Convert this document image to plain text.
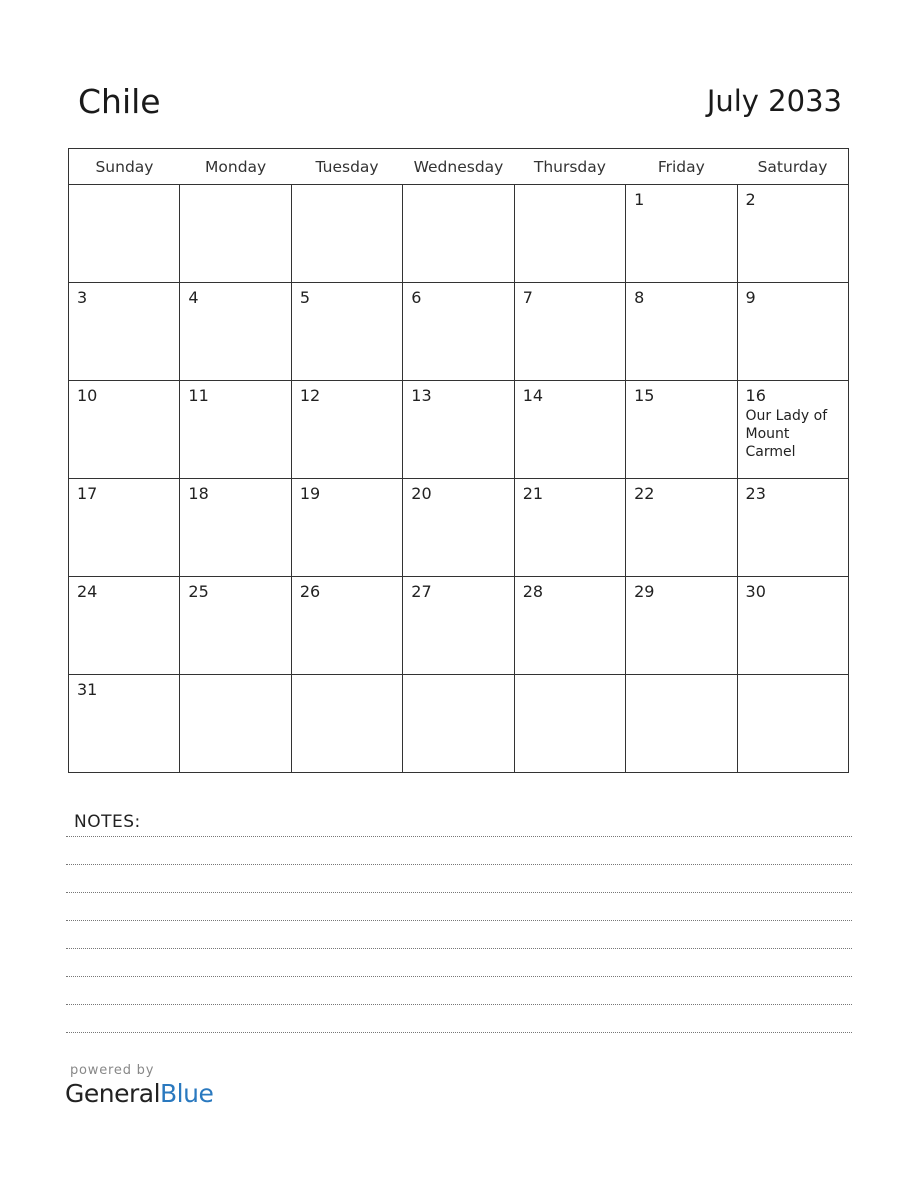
Chile	July 2033
Sunday	Monday	Tuesday	Wednesday	Thursday	Friday	Saturday

					1	2

3	4	5	6	7	8	9

10	11	12	13	14	15	16
Our Lady of Mount Carmel

17	18	19	20	21	22	23

24	25	26	27	28	29	30

31						

NOTES:
powered by
GeneralBlue
